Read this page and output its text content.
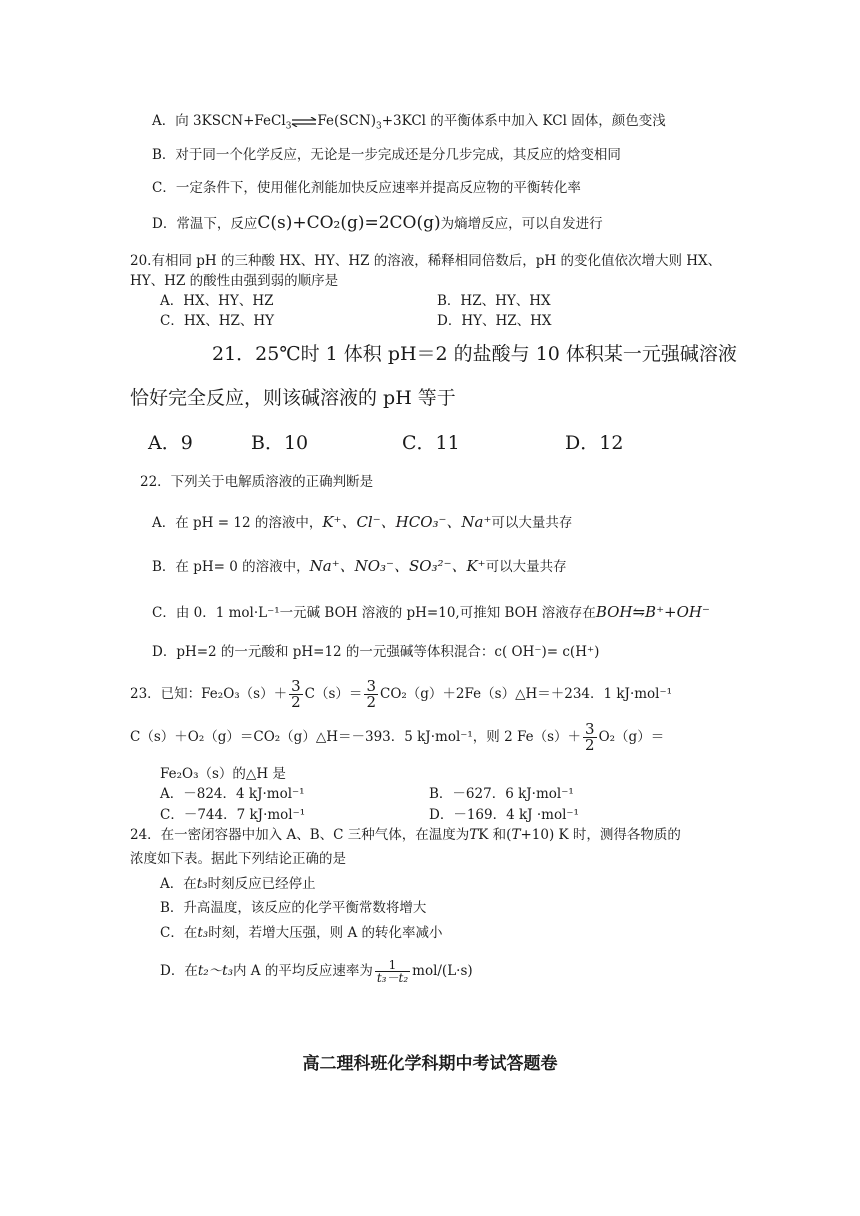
A．向 3KSCN+FeCl$_3$ $\rightleftharpoons Fe(SCN)_3+3KCl$ 的平衡体系中加入 KCl 固体，颜色变浅
B．对于同一个化学反应，无论是一步完成还是分几步完成，其反应的焓变相同
C．一定条件下，使用催化剂能加快反应速率并提高反应物的平衡转化率
D．常温下，反应C(s)+CO₂(g)=2CO(g)为熵增反应，可以自发进行
20.有相同 pH 的三种酸 HX、HY、HZ 的溶液，稀释相同倍数后，pH 的变化值依次增大则 HX、
HY、HZ 的酸性由强到弱的顺序是
A．HX、HY、HZ	B．HZ、HY、HX
C．HX、HZ、HY	D．HY、HZ、HX
21．25℃时 1 体积 pH＝2 的盐酸与 10 体积某一元强碱溶液
恰好完全反应，则该碱溶液的 pH 等于
A．9	B．10	C．11	D．12
22．下列关于电解质溶液的正确判断是
A．在 pH = 12 的溶液中，K⁺、Cl⁻、HCO₃⁻、Na⁺可以大量共存
B．在 pH= 0 的溶液中，Na⁺、NO₃⁻、SO₃²⁻、K⁺可以大量共存
C．由 0．1 mol·L⁻¹一元碱 BOH 溶液的 pH=10,可推知 BOH 溶液存在BOH⇋B⁺+OH⁻
D．pH=2 的一元酸和 pH=12 的一元强碱等体积混合：c( OH⁻)= c(H⁺)
23．已知：$Fe_2O_3(s)+ \frac{3}{2} C(s)= \frac{3}{2}$ CO₂（g）＋2Fe（s）△H＝＋234．1 kJ·mol⁻¹
C（s）＋O₂（g）＝CO₂（g）△H＝－393．5 kJ·mol⁻¹，则 2 $Fe(s)+ \frac{3}{2} O_2(g)=$
Fe₂O₃（s）的△H 是
A．－824．4 kJ·mol⁻¹	B．－627．6 kJ·mol⁻¹
C．－744．7 kJ·mol⁻¹	D．－169．4 kJ ·mol⁻¹
24．在一密闭容器中加入 A、B、C 三种气体，在温度为TK 和(T+10) K 时，测得各物质的
浓度如下表。据此下列结论正确的是
A．在t₃时刻反应已经停止
B．升高温度，该反应的化学平衡常数将增大
C．在t₃时刻，若增大压强，则 A 的转化率减小
D．在t₂～t₃内 A 的平均反应速率为 $\frac{1}{\text{t₃－t₂}} mol/(L\cdot s)$
高二理科班化学科期中考试答题卷
